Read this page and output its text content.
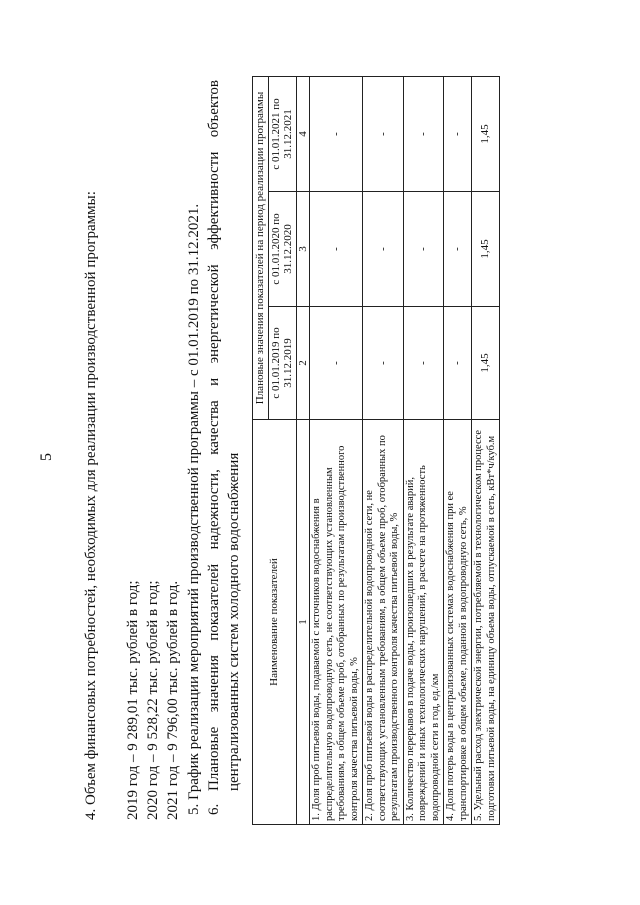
5 4. Объем финансовых потребностей, необходимых для реализации производственной программы: 2019 год – 9 289,01 тыс. рублей в год; 2020 год – 9 528,22 тыс. рублей в год; 2021 год – 9 796,00 тыс. рублей в год. 5. График реализации мероприятий производственной программы – с 01.01.2019 по 31.12.2021. 6.
Плановые
значения
показателей
надежности,
качества
и
энергетической
эффективности
объектов
централизованных систем холодного водоснабжения Наименование показателей	Плановые значения показателей на период реализации программы		
	с 01.01.2019 по 31.12.2019	с 01.01.2020 по 31.12.2020	с 01.01.2021 по 31.12.2021
1	2	3	4
1. Доля проб питьевой воды, подаваемой с источников водоснабжения в распределительную водопроводную сеть, не соответствующих установленным требованиям, в общем объеме проб, отобранных по результатам производственного контроля качества питьевой воды, %	-	-	-
2. Доля проб питьевой воды в распределительной водопроводной сети, не соответствующих установленным требованиям, в общем объеме проб, отобранных по результатам производственного контроля качества питьевой воды, %	-	-	-
3. Количество перерывов в подаче воды, произошедших в результате аварий, повреждений и иных технологических нарушений, в расчете на протяженность водопроводной сети в год, ед./км	-	-	-
4. Доля потерь воды в централизованных системах водоснабжения при ее транспортировке в общем объеме, поданной в водопроводную сеть, %	-	-	-
5. Удельный расход электрической энергии, потребляемой в технологическом процессе подготовки питьевой воды, на единицу объема воды, отпускаемой в сеть, кВт*ч/куб.м	1,45	1,45	1,45
